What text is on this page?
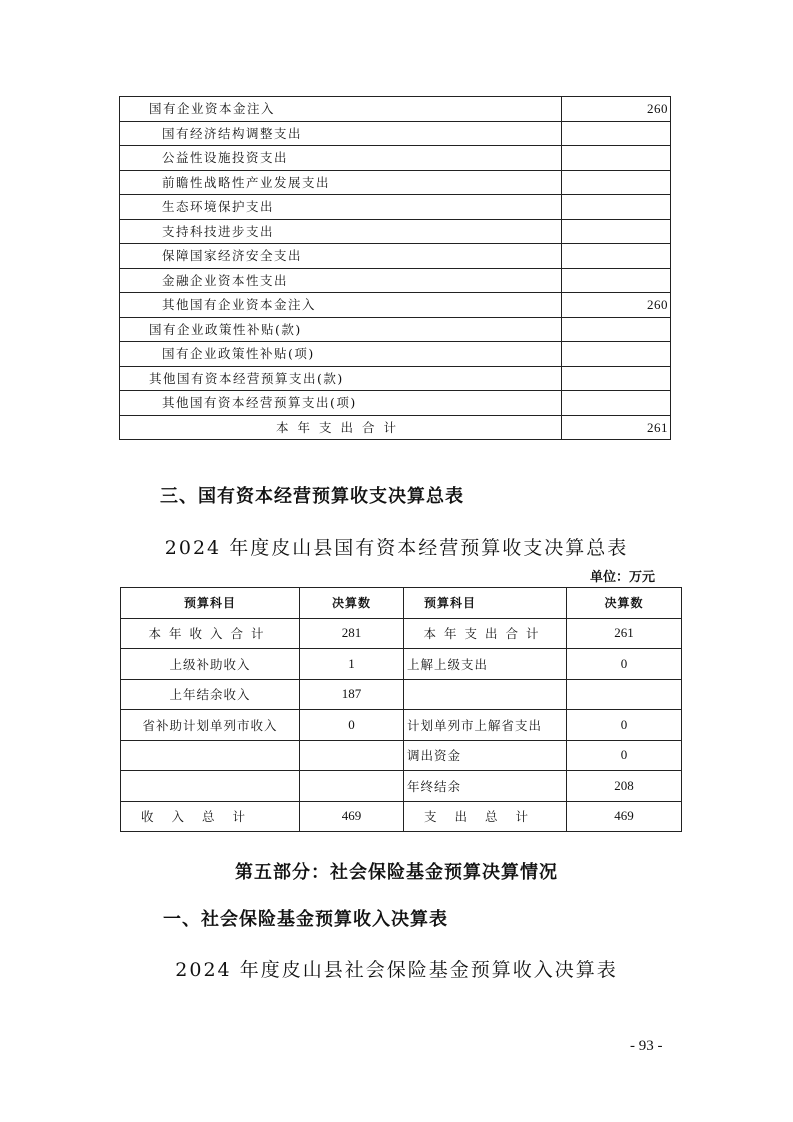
国有企业资本金注入	260
国有经济结构调整支出	
公益性设施投资支出	
前瞻性战略性产业发展支出	
生态环境保护支出	
支持科技进步支出	
保障国家经济安全支出	
金融企业资本性支出	
其他国有企业资本金注入	260
国有企业政策性补贴(款)	
国有企业政策性补贴(项)	
其他国有资本经营预算支出(款)	
其他国有资本经营预算支出(项)	
本年支出合计	261
三、国有资本经营预算收支决算总表
2024 年度皮山县国有资本经营预算收支决算总表
单位：万元
预算科目	决算数	预算科目	决算数
本年收入合计	281	本年支出合计	261
上级补助收入	1	上解上级支出	0
上年结余收入	187		
省补助计划单列市收入	0	计划单列市上解省支出	0
		调出资金	0
		年终结余	208
收入总计	469	支出总计	469
第五部分：社会保险基金预算决算情况
一、社会保险基金预算收入决算表
2024 年度皮山县社会保险基金预算收入决算表
- 93 -
